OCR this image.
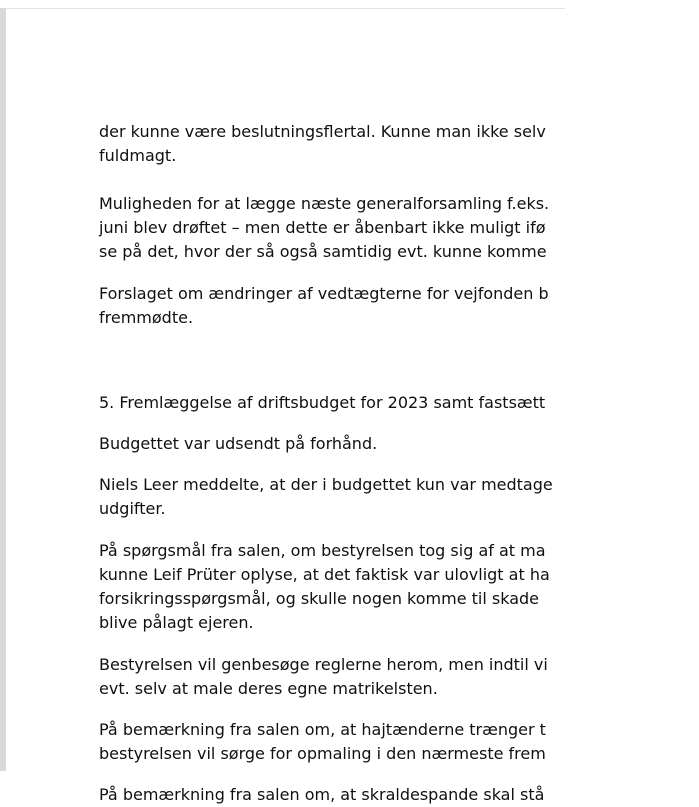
der kunne være beslutningsflertal. Kunne man ikke selv
fuldmagt.

Muligheden for at lægge næste generalforsamling f.eks.
juni blev drøftet – men dette er åbenbart ikke muligt ifø
se på det, hvor der så også samtidig evt. kunne komme

Forslaget om ændringer af vedtægterne for vejfonden b
fremmødte.

5. Fremlæggelse af driftsbudget for 2023 samt fastsætt

Budgettet var udsendt på forhånd.

Niels Leer meddelte, at der i budgettet kun var medtage
udgifter.

På spørgsmål fra salen, om bestyrelsen tog sig af at ma
kunne Leif Prüter oplyse, at det faktisk var ulovligt at ha
forsikringsspørgsmål, og skulle nogen komme til skade
blive pålagt ejeren.

Bestyrelsen vil genbesøge reglerne herom, men indtil vi
evt. selv at male deres egne matrikelsten.

På bemærkning fra salen om, at hajtænderne trænger t
bestyrelsen vil sørge for opmaling i den nærmeste frem

På bemærkning fra salen om, at skraldespande skal stå
